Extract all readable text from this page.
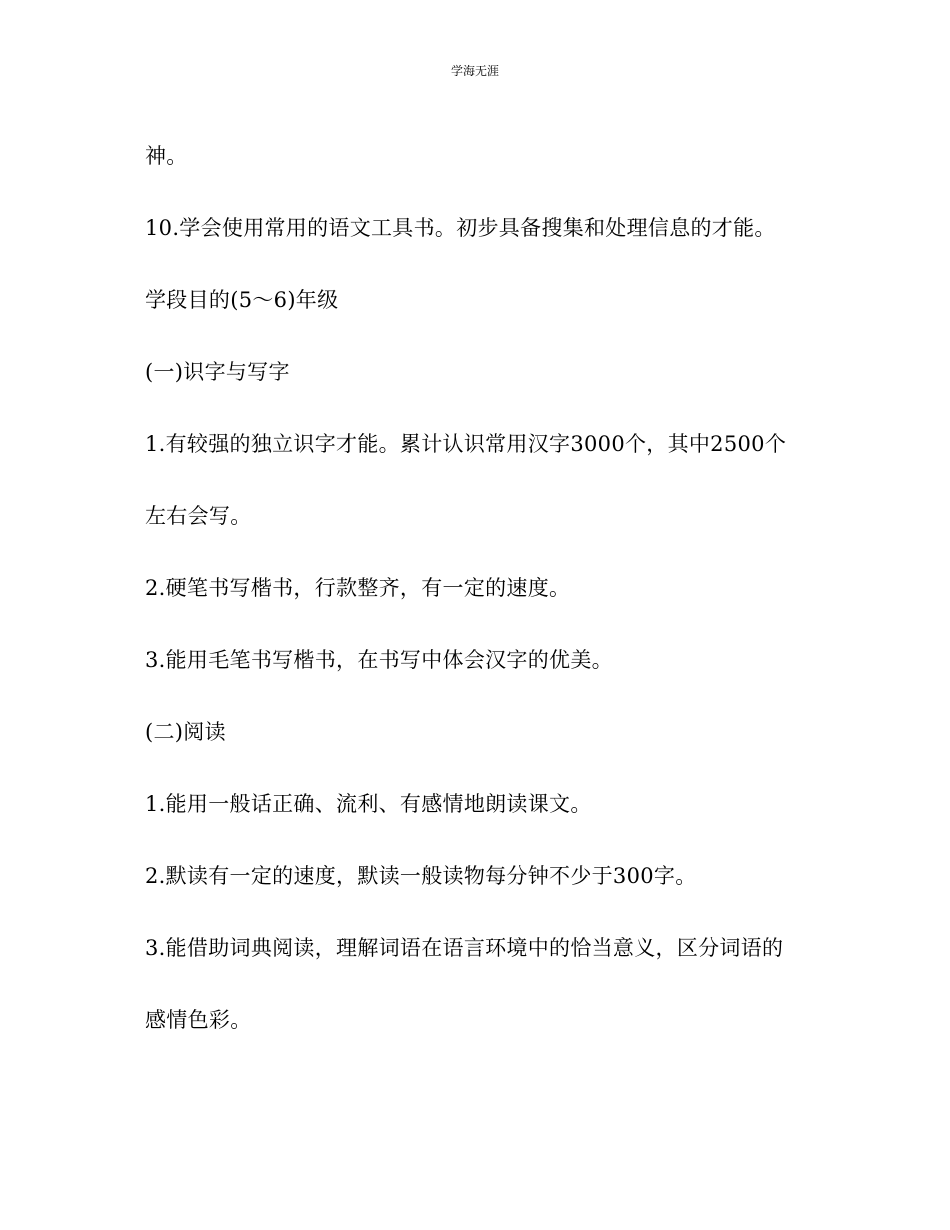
学海无涯
神。
10.学会使用常用的语文工具书。初步具备搜集和处理信息的才能。
学段目的(5～6)年级
(一)识字与写字
1.有较强的独立识字才能。累计认识常用汉字3000个，其中2500个
左右会写。
2.硬笔书写楷书，行款整齐，有一定的速度。
3.能用毛笔书写楷书，在书写中体会汉字的优美。
(二)阅读
1.能用一般话正确、流利、有感情地朗读课文。
2.默读有一定的速度，默读一般读物每分钟不少于300字。
3.能借助词典阅读，理解词语在语言环境中的恰当意义，区分词语的
感情色彩。
